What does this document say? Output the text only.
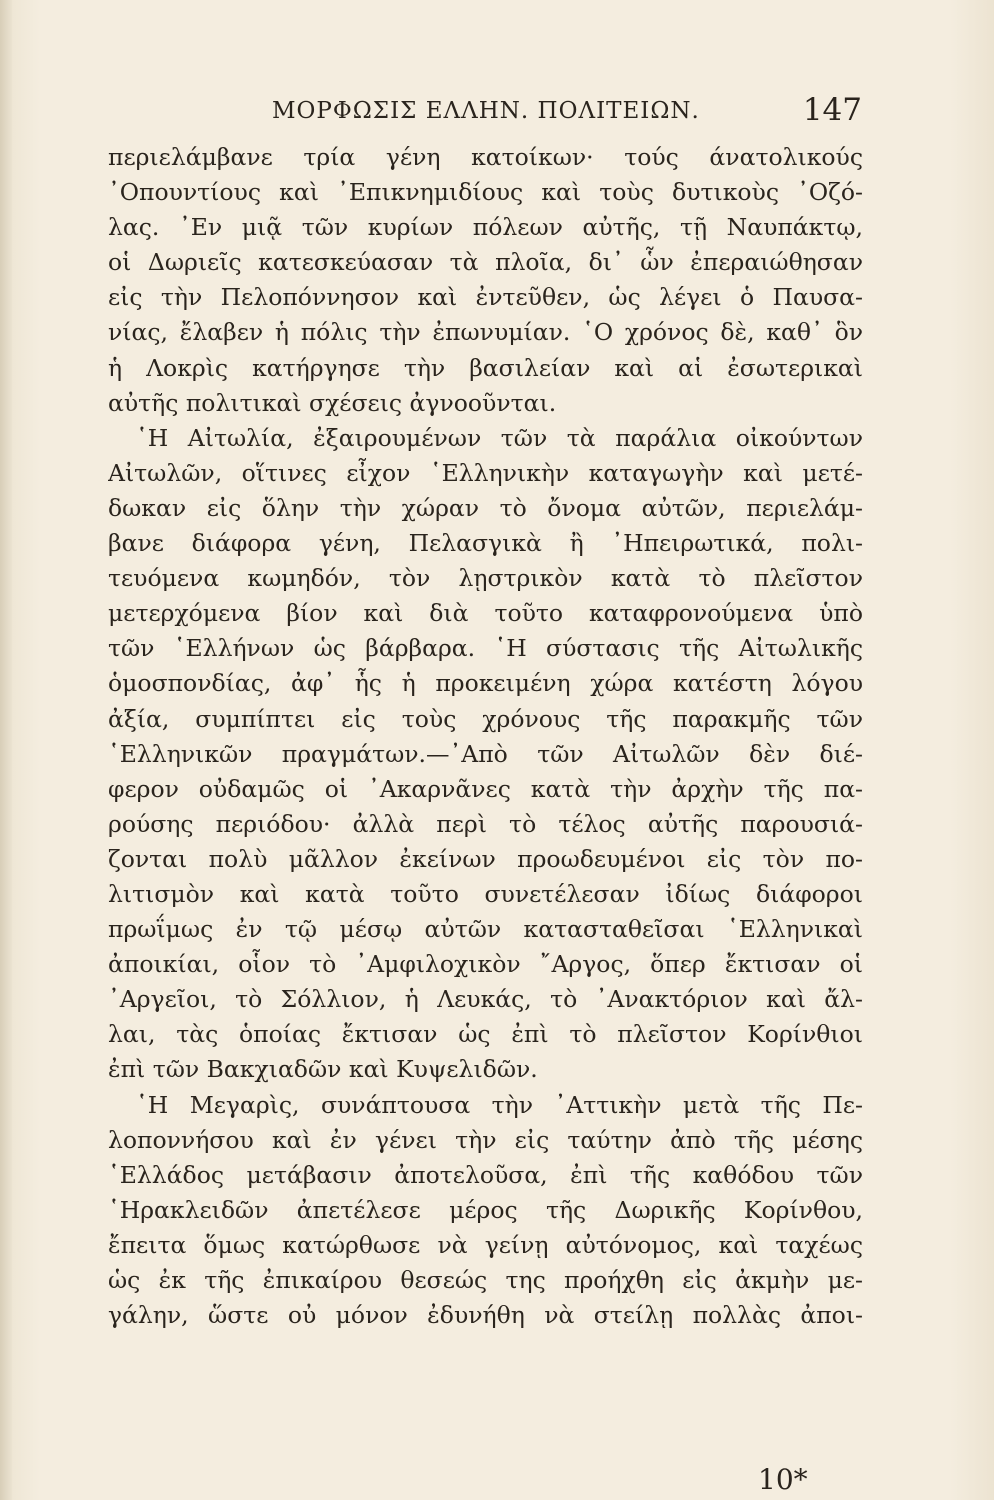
ΜΟΡΦΩΣΙΣ ΕΛΛΗΝ. ΠΟΛΙΤΕΙΩΝ.	147
περιελάμβανε τρία γένη κατοίκων· τούς άνατολικούς
᾿Οπουντίους καὶ ᾿Επικνημιδίους καὶ τοὺς δυτικοὺς ᾿Οζό-
λας. ᾿Εν μιᾷ τῶν κυρίων πόλεων αὐτῆς, τῇ Ναυπάκτῳ,
οἱ Δωριεῖς κατεσκεύασαν τὰ πλοῖα, δι᾿ ὧν ἐπεραιώθησαν
εἰς τὴν Πελοπόννησον καὶ ἐντεῦθεν, ὡς λέγει ὁ Παυσα-
νίας, ἔλαβεν ἡ πόλις τὴν ἐπωνυμίαν. ῾Ο χρόνος δὲ, καθ᾿ ὃν
ἡ Λοκρὶς κατήργησε τὴν βασιλείαν καὶ αἱ ἐσωτερικαὶ
αὐτῆς πολιτικαὶ σχέσεις ἀγνοοῦνται.
῾Η Αἰτωλία, ἐξαιρουμένων τῶν τὰ παράλια οἰκούντων
Αἰτωλῶν, οἵτινες εἶχον ῾Ελληνικὴν καταγωγὴν καὶ μετέ-
δωκαν εἰς ὅλην τὴν χώραν τὸ ὄνομα αὐτῶν, περιελάμ-
βανε διάφορα γένη, Πελασγικὰ ἢ ᾿Ηπειρωτικά, πολι-
τευόμενα κωμηδόν, τὸν λῃστρικὸν κατὰ τὸ πλεῖστον
μετερχόμενα βίον καὶ διὰ τοῦτο καταφρονούμενα ὑπὸ
τῶν ῾Ελλήνων ὡς βάρβαρα. ῾Η σύστασις τῆς Αἰτωλικῆς
ὁμοσπονδίας, ἀφ᾿ ἧς ἡ προκειμένη χώρα κατέστη λόγου
ἀξία, συμπίπτει εἰς τοὺς χρόνους τῆς παρακμῆς τῶν
῾Ελληνικῶν πραγμάτων.—᾿Απὸ τῶν Αἰτωλῶν δὲν διέ-
φερον οὐδαμῶς οἱ ᾿Ακαρνᾶνες κατὰ τὴν ἀρχὴν τῆς πα-
ρούσης περιόδου· ἀλλὰ περὶ τὸ τέλος αὐτῆς παρουσιά-
ζονται πολὺ μᾶλλον ἐκείνων προωδευμένοι εἰς τὸν πο-
λιτισμὸν καὶ κατὰ τοῦτο συνετέλεσαν ἰδίως διάφοροι
πρωΐμως ἐν τῷ μέσῳ αὐτῶν κατασταθεῖσαι ῾Ελληνικαὶ
ἀποικίαι, οἷον τὸ ᾿Αμφιλοχικὸν ῎Αργος, ὅπερ ἔκτισαν οἱ
᾿Αργεῖοι, τὸ Σόλλιον, ἡ Λευκάς, τὸ ᾿Ανακτόριον καὶ ἄλ-
λαι, τὰς ὁποίας ἔκτισαν ὡς ἐπὶ τὸ πλεῖστον Κορίνθιοι
ἐπὶ τῶν Βακχιαδῶν καὶ Κυψελιδῶν.
῾Η Μεγαρὶς, συνάπτουσα τὴν ᾿Αττικὴν μετὰ τῆς Πε-
λοποννήσου καὶ ἐν γένει τὴν εἰς ταύτην ἀπὸ τῆς μέσης
῾Ελλάδος μετάβασιν ἀποτελοῦσα, ἐπὶ τῆς καθόδου τῶν
῾Ηρακλειδῶν ἀπετέλεσε μέρος τῆς Δωρικῆς Κορίνθου,
ἔπειτα ὅμως κατώρθωσε νὰ γείνῃ αὐτόνομος, καὶ ταχέως
ὡς ἐκ τῆς ἐπικαίρου θεσεώς της προήχθη εἰς ἀκμὴν με-
γάλην, ὥστε οὐ μόνον ἐδυνήθη νὰ στείλῃ πολλὰς ἀποι-
10*
